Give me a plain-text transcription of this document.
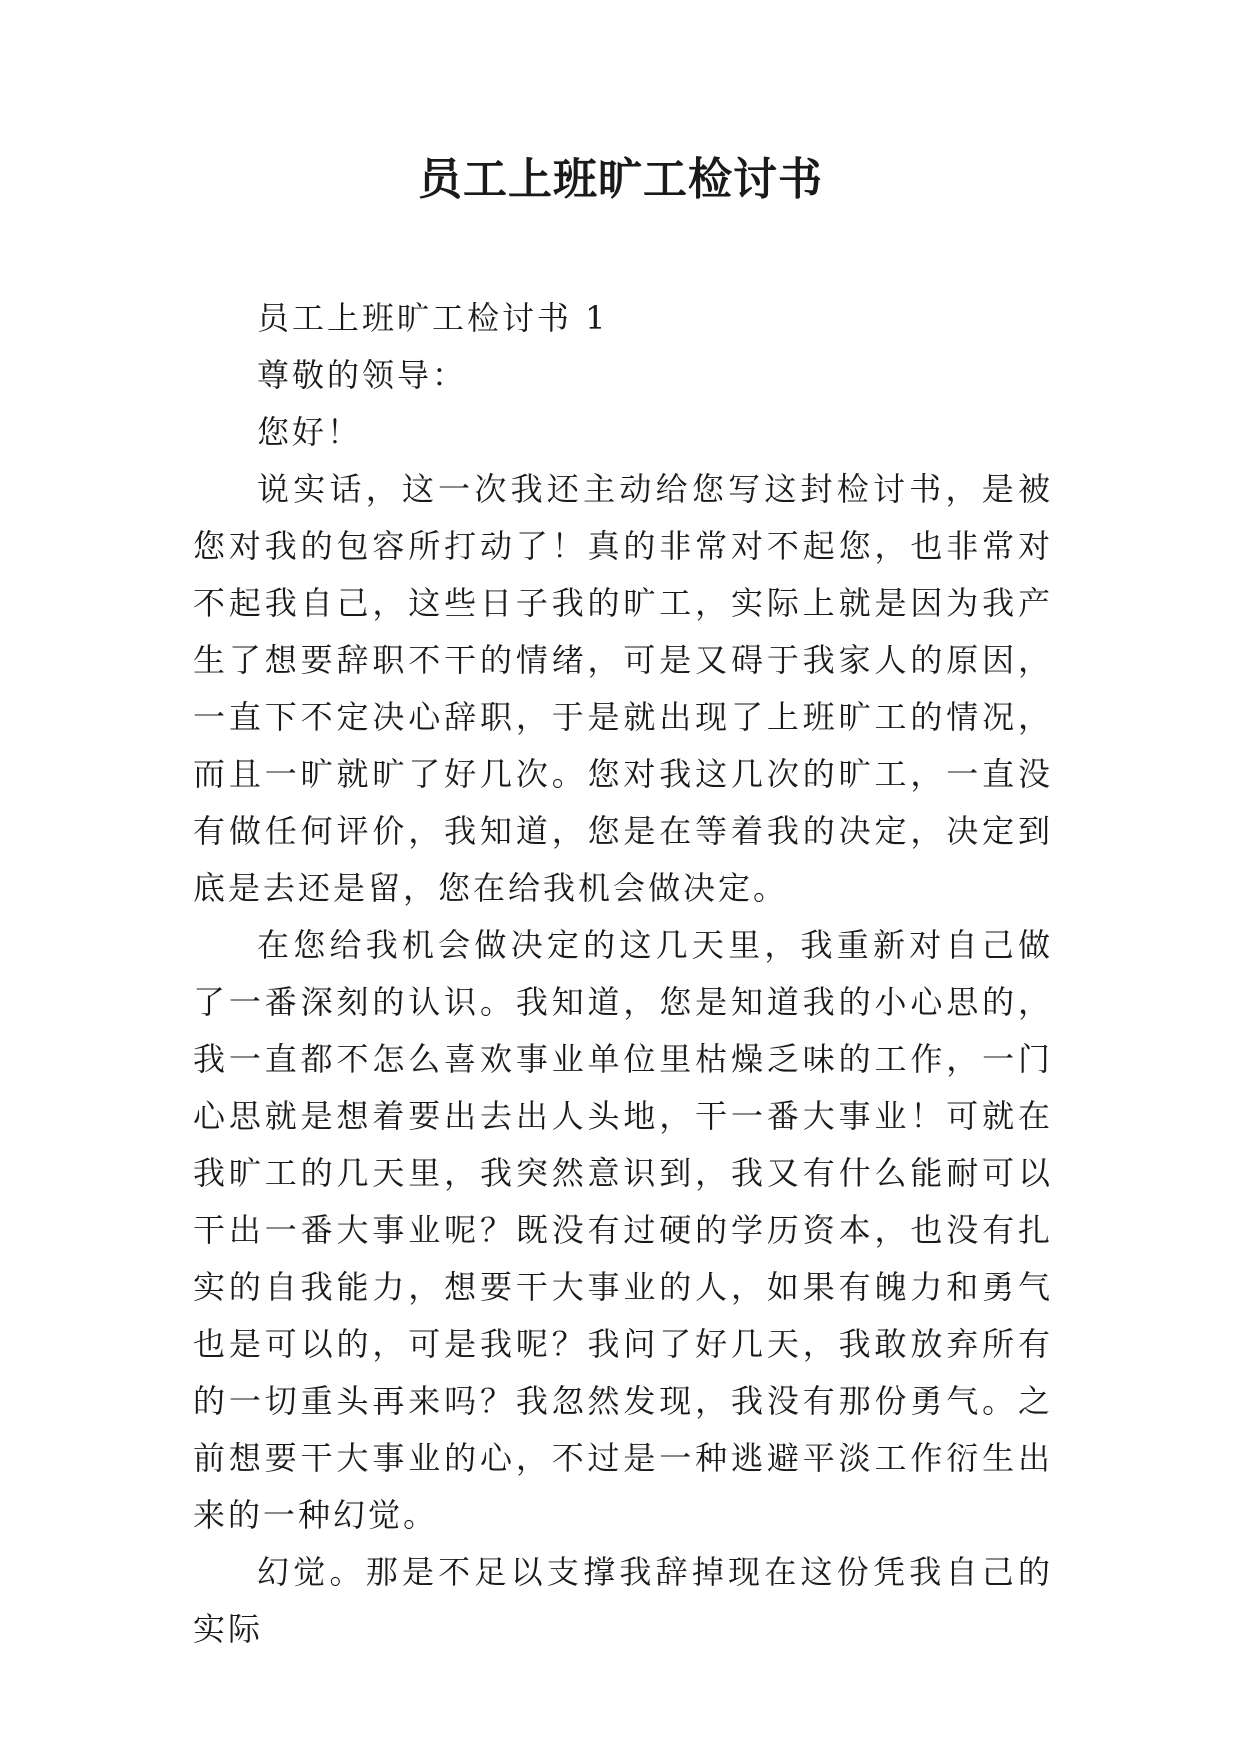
员工上班旷工检讨书

员工上班旷工检讨书 1

尊敬的领导：

您好！

说实话，这一次我还主动给您写这封检讨书，是被您对我的包容所打动了！真的非常对不起您，也非常对不起我自己，这些日子我的旷工，实际上就是因为我产生了想要辞职不干的情绪，可是又碍于我家人的原因，一直下不定决心辞职，于是就出现了上班旷工的情况，而且一旷就旷了好几次。您对我这几次的旷工，一直没有做任何评价，我知道，您是在等着我的决定，决定到底是去还是留，您在给我机会做决定。

在您给我机会做决定的这几天里，我重新对自己做了一番深刻的认识。我知道，您是知道我的小心思的，我一直都不怎么喜欢事业单位里枯燥乏味的工作，一门心思就是想着要出去出人头地，干一番大事业！可就在我旷工的几天里，我突然意识到，我又有什么能耐可以干出一番大事业呢？既没有过硬的学历资本，也没有扎实的自我能力，想要干大事业的人，如果有魄力和勇气也是可以的，可是我呢？我问了好几天，我敢放弃所有的一切重头再来吗？我忽然发现，我没有那份勇气。之前想要干大事业的心，不过是一种逃避平淡工作衍生出来的一种幻觉。

幻觉。那是不足以支撑我辞掉现在这份凭我自己的实际
